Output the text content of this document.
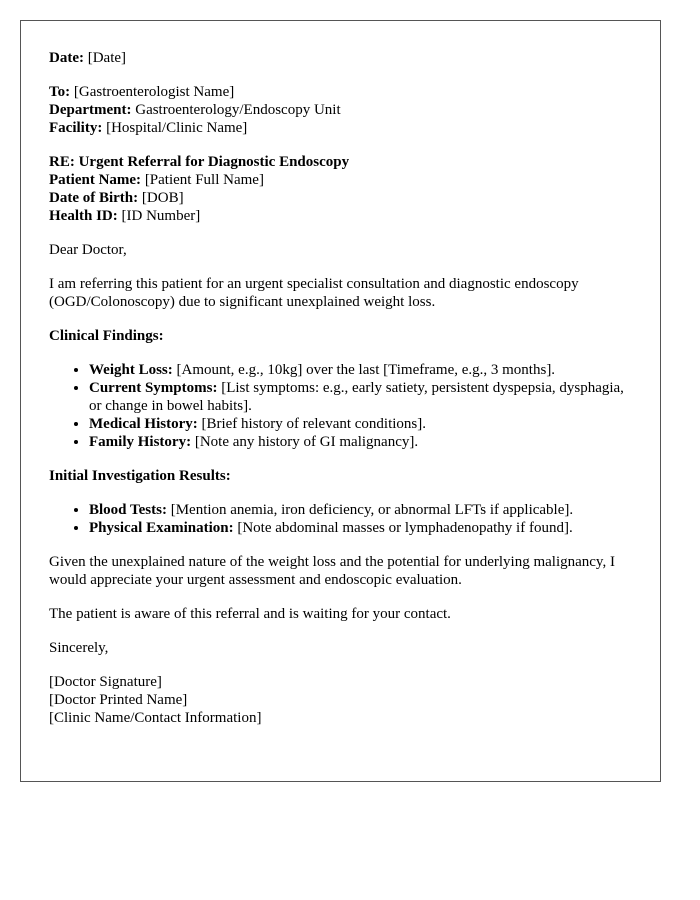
Date: [Date]

To: [Gastroenterologist Name]
Department: Gastroenterology/Endoscopy Unit
Facility: [Hospital/Clinic Name]

RE: Urgent Referral for Diagnostic Endoscopy
Patient Name: [Patient Full Name]
Date of Birth: [DOB]
Health ID: [ID Number]

Dear Doctor,

I am referring this patient for an urgent specialist consultation and diagnostic endoscopy (OGD/Colonoscopy) due to significant unexplained weight loss.

Clinical Findings:

• Weight Loss: [Amount, e.g., 10kg] over the last [Timeframe, e.g., 3 months].
• Current Symptoms: [List symptoms: e.g., early satiety, persistent dyspepsia, dysphagia, or change in bowel habits].
• Medical History: [Brief history of relevant conditions].
• Family History: [Note any history of GI malignancy].

Initial Investigation Results:

• Blood Tests: [Mention anemia, iron deficiency, or abnormal LFTs if applicable].
• Physical Examination: [Note abdominal masses or lymphadenopathy if found].

Given the unexplained nature of the weight loss and the potential for underlying malignancy, I would appreciate your urgent assessment and endoscopic evaluation.

The patient is aware of this referral and is waiting for your contact.

Sincerely,

[Doctor Signature]
[Doctor Printed Name]
[Clinic Name/Contact Information]
